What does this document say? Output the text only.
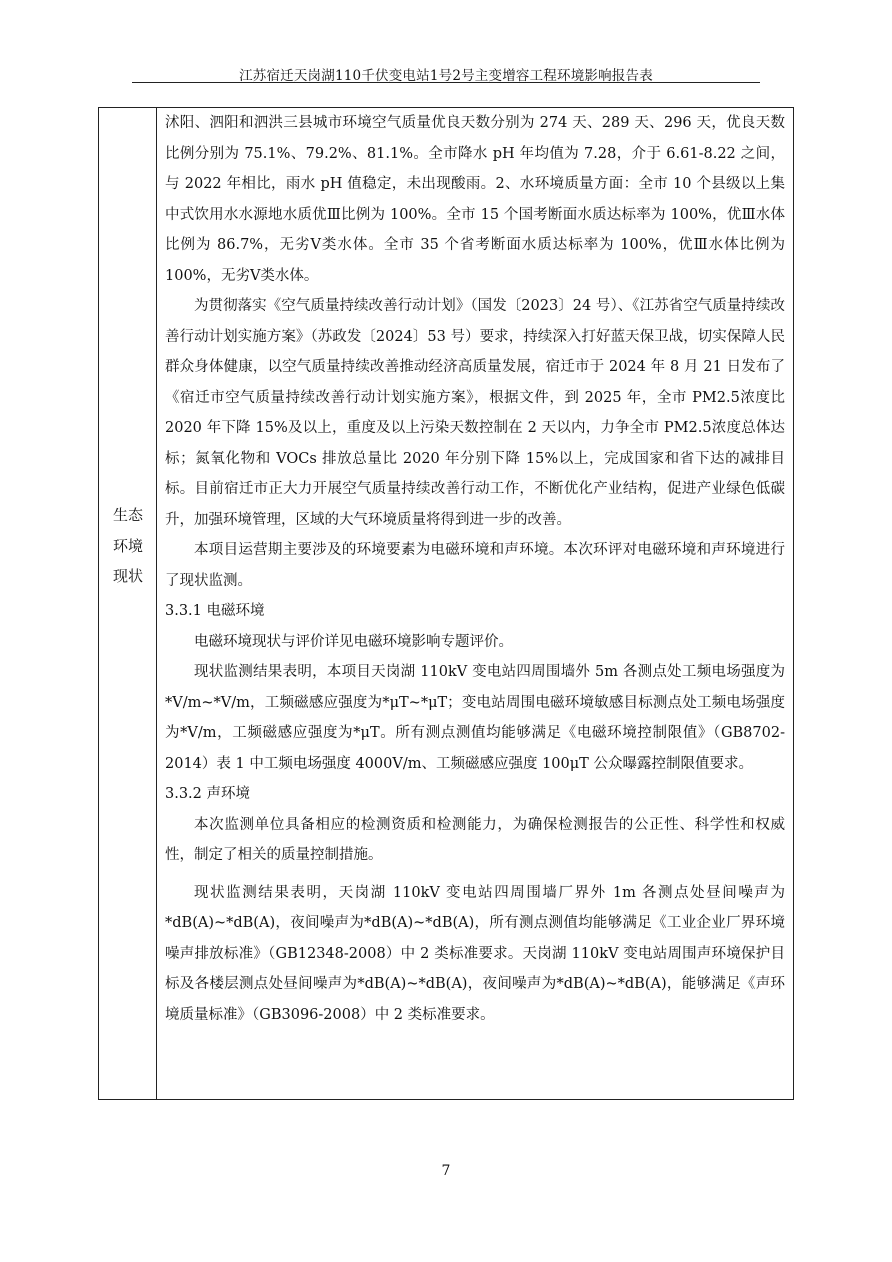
江苏宿迁天岗湖110千伏变电站1号2号主变增容工程环境影响报告表
生态
环境
现状

沭阳、泗阳和泗洪三县城市环境空气质量优良天数分别为 274 天、289 天、296 天，优良天数比例分别为 75.1%、79.2%、81.1%。全市降水 pH 年均值为 7.28，介于 6.61-8.22 之间，与 2022 年相比，雨水 pH 值稳定，未出现酸雨。2、水环境质量方面：全市 10 个县级以上集中式饮用水水源地水质优Ⅲ比例为 100%。全市 15 个国考断面水质达标率为 100%，优Ⅲ水体比例为 86.7%，无劣Ⅴ类水体。全市 35 个省考断面水质达标率为 100%，优Ⅲ水体比例为 100%，无劣Ⅴ类水体。

为贯彻落实《空气质量持续改善行动计划》（国发〔2023〕24 号）、《江苏省空气质量持续改善行动计划实施方案》（苏政发〔2024〕53 号）要求，持续深入打好蓝天保卫战，切实保障人民群众身体健康，以空气质量持续改善推动经济高质量发展，宿迁市于 2024 年 8 月 21 日发布了《宿迁市空气质量持续改善行动计划实施方案》，根据文件，到 2025 年，全市 PM2.5浓度比 2020 年下降 15%及以上，重度及以上污染天数控制在 2 天以内，力争全市 PM2.5浓度总体达标；氮氧化物和 VOCs 排放总量比 2020 年分别下降 15%以上，完成国家和省下达的减排目标。目前宿迁市正大力开展空气质量持续改善行动工作，不断优化产业结构，促进产业绿色低碳升，加强环境管理，区域的大气环境质量将得到进一步的改善。

本项目运营期主要涉及的环境要素为电磁环境和声环境。本次环评对电磁环境和声环境进行了现状监测。

3.3.1 电磁环境

电磁环境现状与评价详见电磁环境影响专题评价。

现状监测结果表明，本项目天岗湖 110kV 变电站四周围墙外 5m 各测点处工频电场强度为*V/m~*V/m，工频磁感应强度为*μT~*μT；变电站周围电磁环境敏感目标测点处工频电场强度为*V/m，工频磁感应强度为*μT。所有测点测值均能够满足《电磁环境控制限值》（GB8702-2014）表 1 中工频电场强度 4000V/m、工频磁感应强度 100μT 公众曝露控制限值要求。

3.3.2 声环境

本次监测单位具备相应的检测资质和检测能力，为确保检测报告的公正性、科学性和权威性，制定了相关的质量控制措施。

现状监测结果表明，天岗湖 110kV 变电站四周围墙厂界外 1m 各测点处昼间噪声为*dB(A)~*dB(A)，夜间噪声为*dB(A)~*dB(A)，所有测点测值均能够满足《工业企业厂界环境噪声排放标准》（GB12348-2008）中 2 类标准要求。天岗湖 110kV 变电站周围声环境保护目标及各楼层测点处昼间噪声为*dB(A)~*dB(A)，夜间噪声为*dB(A)~*dB(A)，能够满足《声环境质量标准》（GB3096-2008）中 2 类标准要求。

7
